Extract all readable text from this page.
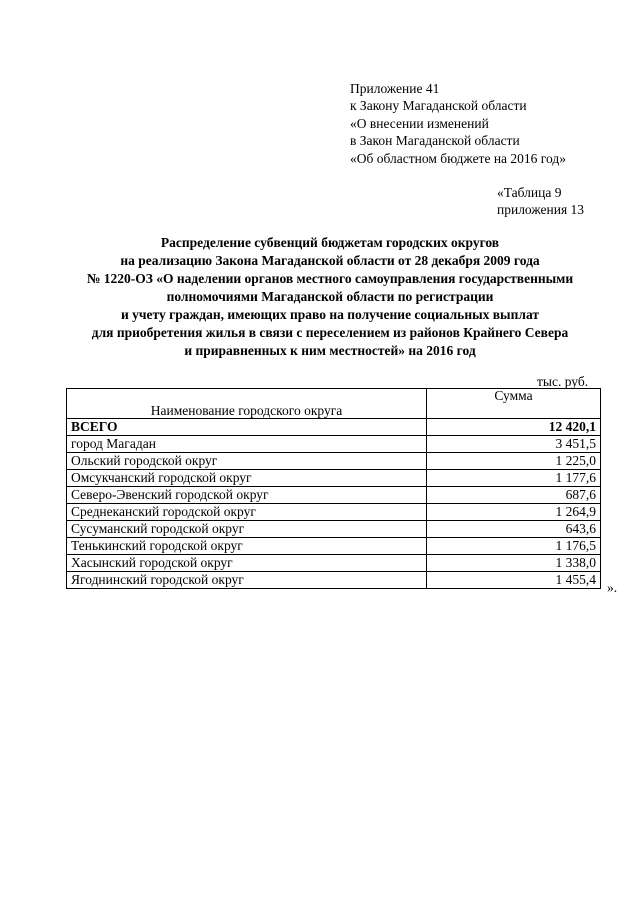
Приложение 41
к Закону Магаданской области
«О внесении изменений
в Закон Магаданской области
«Об областном бюджете на 2016 год»
«Таблица 9
приложения 13
Распределение субвенций бюджетам городских округов
на реализацию Закона Магаданской области от 28 декабря 2009 года
№ 1220-ОЗ «О наделении органов местного самоуправления государственными
полномочиями Магаданской области по регистрации
и учету граждан, имеющих право на получение социальных выплат
для приобретения жилья в связи с переселением из районов Крайнего Севера
и приравненных к ним местностей» на 2016 год
тыс. руб.
Наименование городского округа	Сумма
ВСЕГО	12 420,1
город Магадан	3 451,5
Ольский городской округ	1 225,0
Омсукчанский городской округ	1 177,6
Северо-Эвенский городской округ	687,6
Среднеканский городской округ	1 264,9
Сусуманский городской округ	643,6
Тенькинский городской округ	1 176,5
Хасынский городской округ	1 338,0
Ягоднинский городской округ	1 455,4
».
